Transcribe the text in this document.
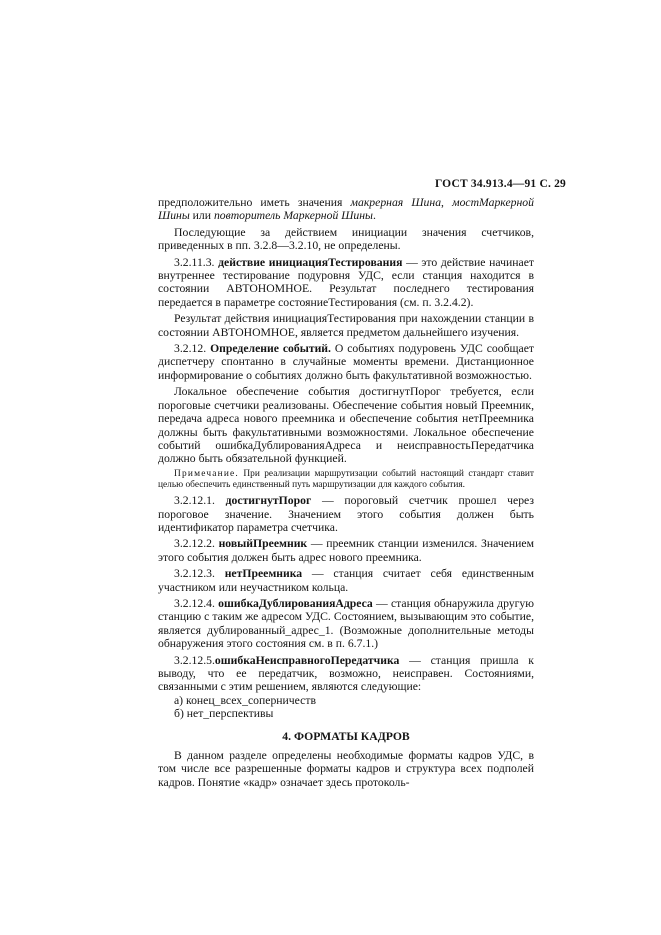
ГОСТ 34.913.4—91 С. 29

предположительно иметь значения макрерная Шина, мостМаркерной Шины или повторитель Маркерной Шины.

Последующие за действием инициации значения счетчиков, приведенных в пп. 3.2.8—3.2.10, не определены.

3.2.11.3. действие инициацияТестирования — это действие начинает внутреннее тестирование подуровня УДС, если станция находится в состоянии АВТОНОМНОЕ. Результат последнего тестирования передается в параметре состояниеТестирования (см. п. 3.2.4.2).

Результат действия инициацияТестирования при нахождении станции в состоянии АВТОНОМНОЕ, является предметом дальнейшего изучения.

3.2.12. Определение событий. О событиях подуровень УДС сообщает диспетчеру спонтанно в случайные моменты времени. Дистанционное информирование о событиях должно быть факультативной возможностью.

Локальное обеспечение события достигнутПорог требуется, если пороговые счетчики реализованы. Обеспечение события новый Преемник, передача адреса нового преемника и обеспечение события нетПреемника должны быть факультативными возможностями. Локальное обеспечение событий ошибкаДублированияАдреса и неисправностьПередатчика должно быть обязательной функцией.

Примечание. При реализации маршрутизации событий настоящий стандарт ставит целью обеспечить единственный путь маршрутизации для каждого события.

3.2.12.1. достигнутПорог — пороговый счетчик прошел через пороговое значение. Значением этого события должен быть идентификатор параметра счетчика.

3.2.12.2. новыйПреемник — преемник станции изменился. Значением этого события должен быть адрес нового преемника.

3.2.12.3. нетПреемника — станция считает себя единственным участником или неучастником кольца.

3.2.12.4. ошибкаДублированияАдреса — станция обнаружила другую станцию с таким же адресом УДС. Состоянием, вызывающим это событие, является дублированный_адрес_1. (Возможные дополнительные методы обнаружения этого состояния см. в п. 6.7.1.)

3.2.12.5.ошибкаНеисправногоПередатчика — станция пришла к выводу, что ее передатчик, возможно, неисправен. Состояниями, связанными с этим решением, являются следующие:

а) конец_всех_соперничеств
б) нет_перспективы
4. ФОРМАТЫ КАДРОВ

В данном разделе определены необходимые форматы кадров УДС, в том числе все разрешенные форматы кадров и структура всех подполей кадров. Понятие «кадр» означает здесь протоколь-
